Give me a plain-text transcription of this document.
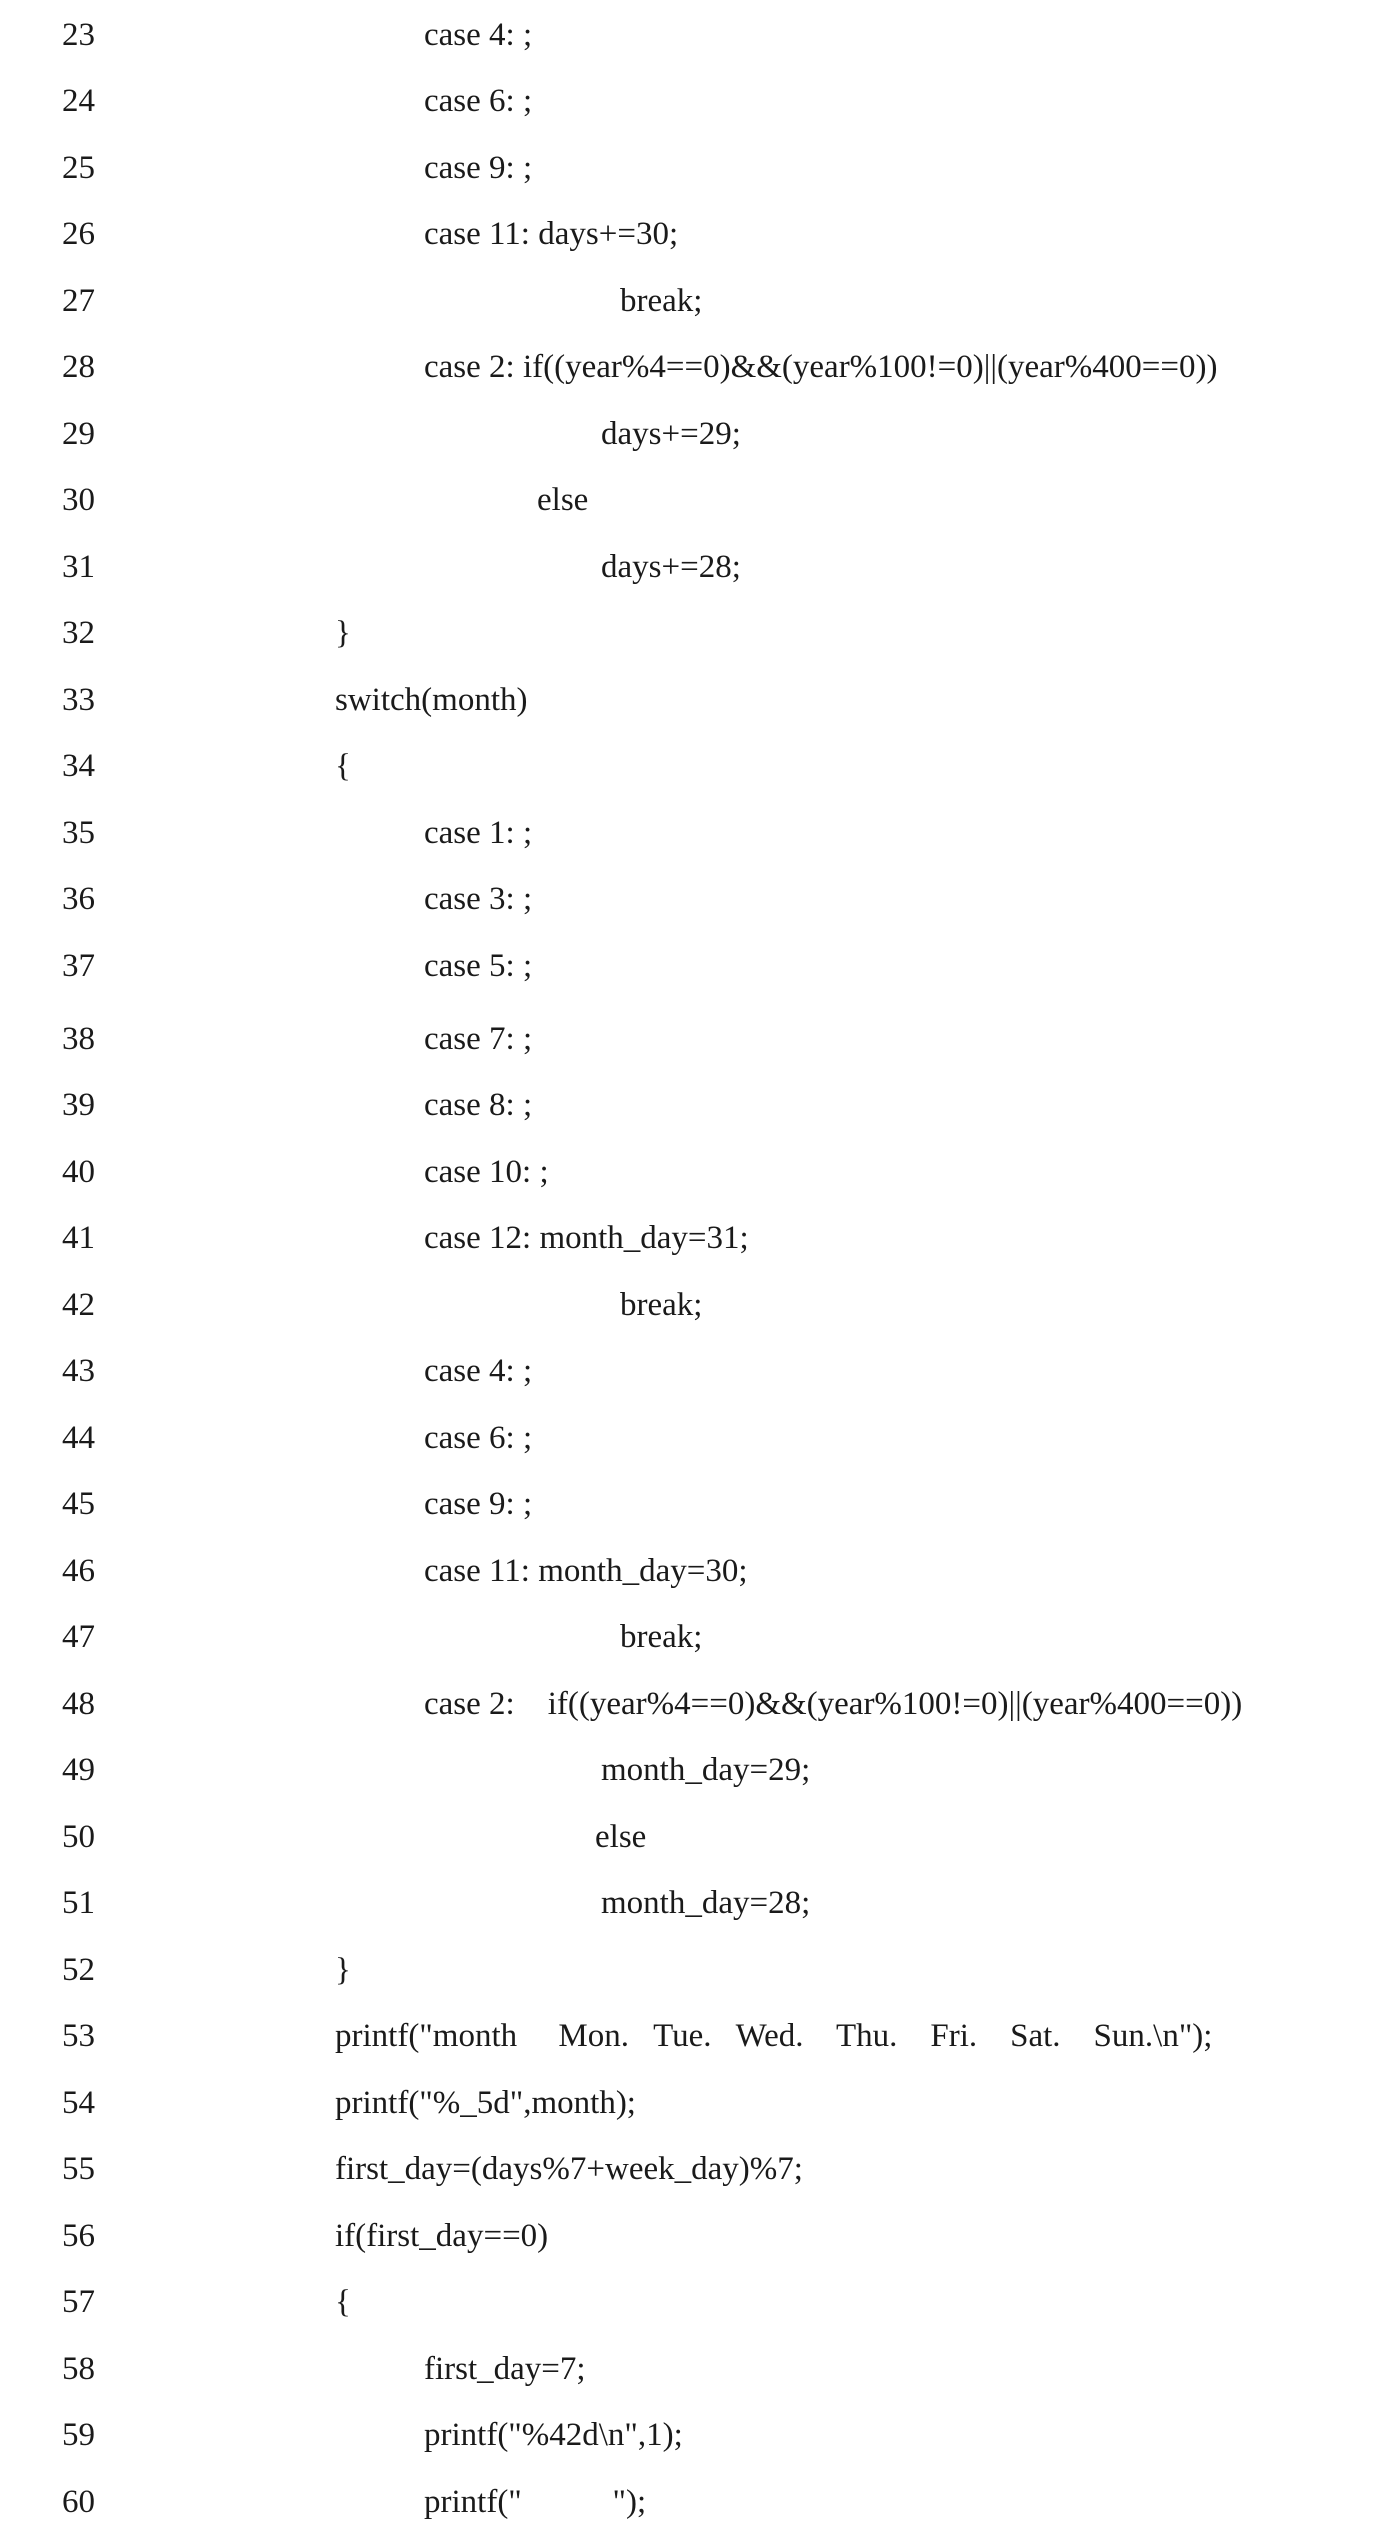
23	case 4: ;
24	case 6: ;
25	case 9: ;
26	case 11: days+=30;
27	break;
28	case 2: if((year%4==0)&&(year%100!=0)||(year%400==0))
29	days+=29;
30	else
31	days+=28;
32	}
33	switch(month)
34	{
35	case 1: ;
36	case 3: ;
37	case 5: ;
38	case 7: ;
39	case 8: ;
40	case 10: ;
41	case 12: month_day=31;
42	break;
43	case 4: ;
44	case 6: ;
45	case 9: ;
46	case 11: month_day=30;
47	break;
48	case 2:    if((year%4==0)&&(year%100!=0)||(year%400==0))
49	month_day=29;
50	else
51	month_day=28;
52	}
53	printf("month     Mon.   Tue.   Wed.    Thu.    Fri.    Sat.    Sun.\n");
54	printf("%_5d",month);
55	first_day=(days%7+week_day)%7;
56	if(first_day==0)
57	{
58	first_day=7;
59	printf("%42d\n",1);
60	printf("           ");
